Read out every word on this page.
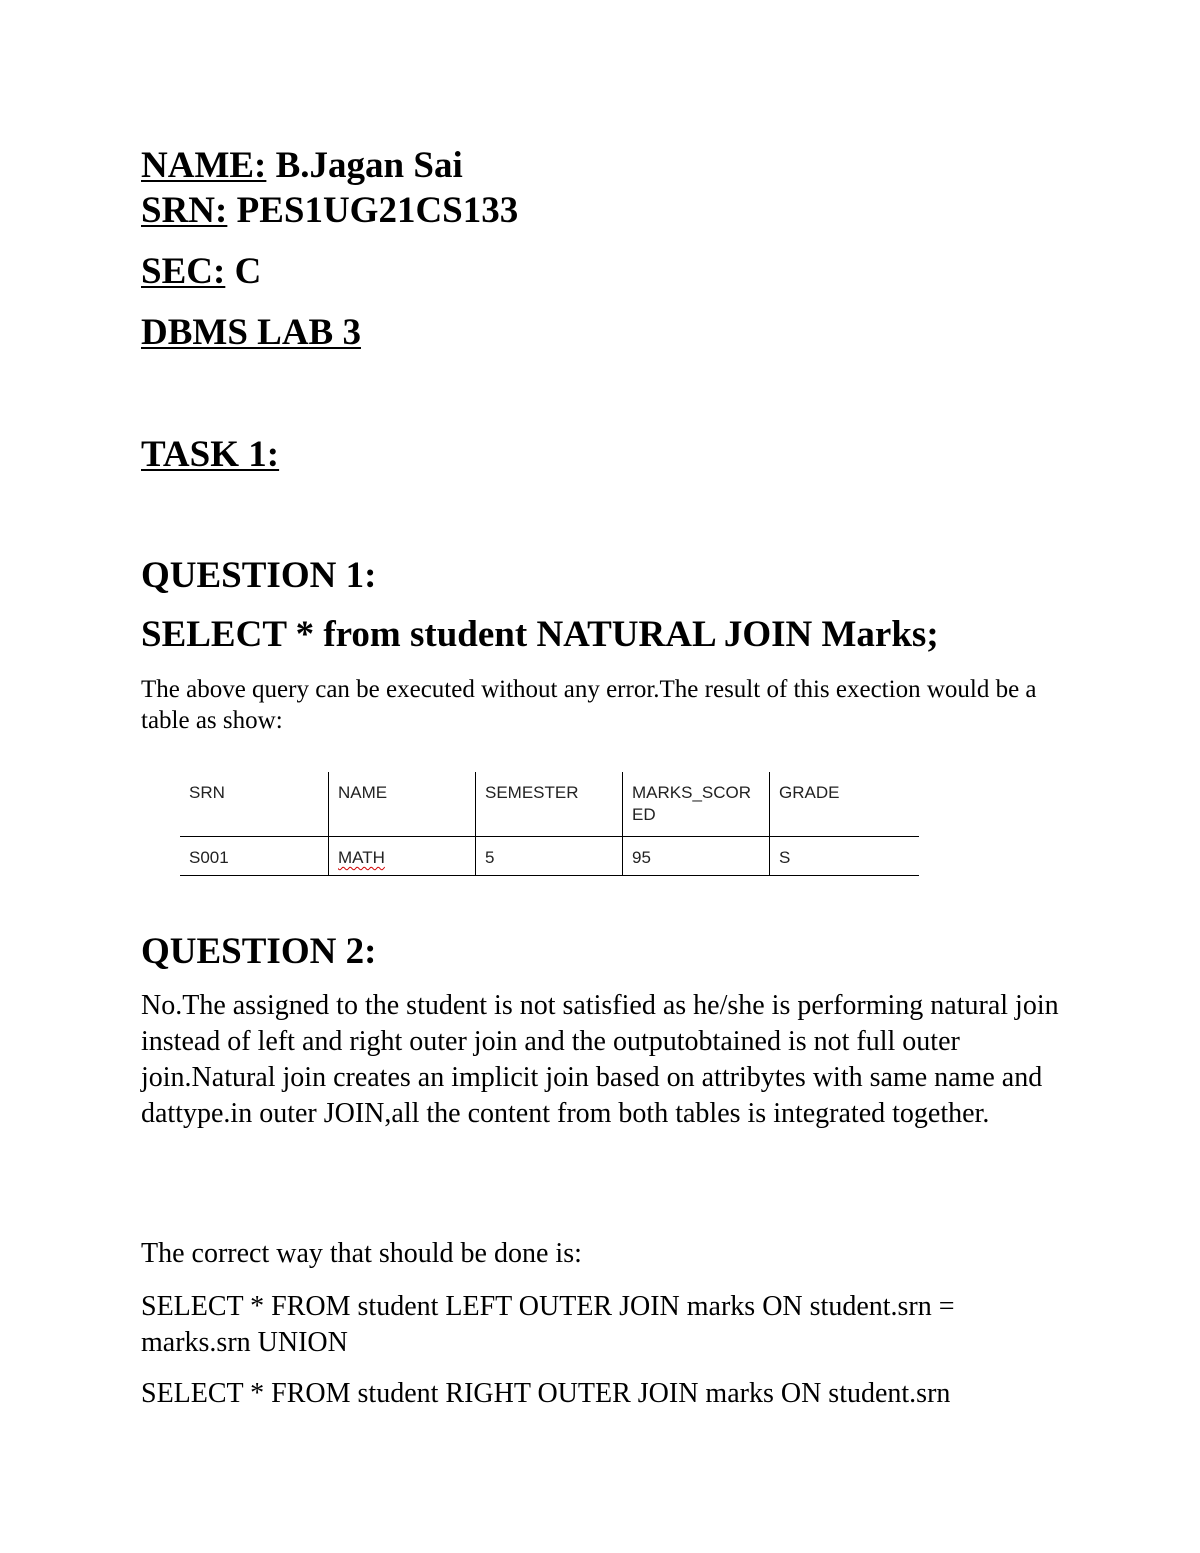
NAME: B.Jagan Sai

SRN: PES1UG21CS133

SEC: C

DBMS LAB 3

TASK 1:

QUESTION 1:

SELECT * from student NATURAL JOIN Marks;

The above query can be executed without any error.The result of this exection would be a table as show:

SRN	NAME	SEMESTER	MARKS_SCOR ED	GRADE
S001	MATH	5	95	S

QUESTION 2:

No.The assigned to the student is not satisfied as he/she is performing natural join instead of left and right outer join and the outputobtained is not full outer join.Natural join creates an implicit join based on attribytes with same name and dattype.in outer JOIN,all the content from both tables is integrated together.

The correct way that should be done is:

SELECT * FROM student LEFT OUTER JOIN marks ON student.srn = marks.srn UNION

SELECT * FROM student RIGHT OUTER JOIN marks ON student.srn
